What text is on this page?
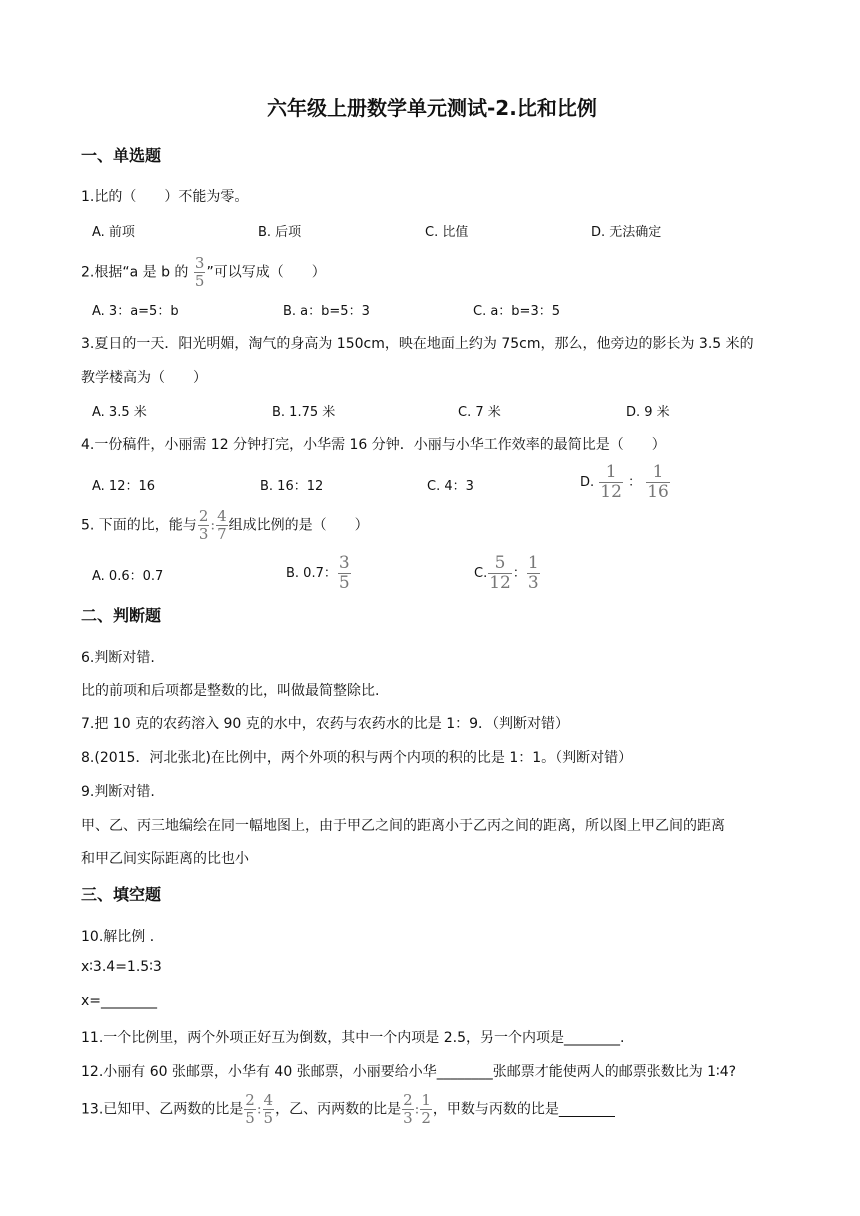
六年级上册数学单元测试-2.比和比例
一、单选题
1.比的（　　）不能为零。
A. 前项	B. 后项	C. 比值	D. 无法确定
2.根据“a 是 b 的 $\frac{3}{5}$ ”可以写成（　　）
A. 3：a=5：b	B. a：b=5：3	C. a：b=3：5
3.夏日的一天．阳光明媚，淘气的身高为 150cm，映在地面上约为 75cm，那么，他旁边的影长为 3.5 米的
教学楼高为（　　）
A. 3.5 米	B. 1.75 米	C. 7 米	D. 9 米
4.一份稿件，小丽需 12 分钟打完，小华需 16 分钟．小丽与小华工作效率的最简比是（　　）
A. 12：16	B. 16：12	C. 4：3	D. $\frac{1}{12}$ ： $\frac{1}{16}$
5. 下面的比，能与 $\frac{2}{3}$ : $\frac{4}{7}$ 组成比例的是（　　）
A. 0.6：0.7	B. 0.7： $\frac{3}{5}$	C. $\frac{5}{12}$ ： $\frac{1}{3}$
二、判断题
6.判断对错.
比的前项和后项都是整数的比，叫做最简整除比.
7.把 10 克的农药溶入 90 克的水中，农药与农药水的比是 1：9．（判断对错）
8.(2015．河北张北)在比例中，两个外项的积与两个内项的积的比是 1：1。（判断对错）
9.判断对错.
甲、乙、丙三地编绘在同一幅地图上，由于甲乙之间的距离小于乙丙之间的距离，所以图上甲乙间的距离
和甲乙间实际距离的比也小
三、填空题
10.解比例 ．
x∶3.4=1.5∶3
x=________
11.一个比例里，两个外项正好互为倒数，其中一个内项是 2.5，另一个内项是________.
12.小丽有 60 张邮票，小华有 40 张邮票，小丽要给小华________张邮票才能使两人的邮票张数比为 1∶4?
13.已知甲、乙两数的比是 $\frac{2}{5}$ : $\frac{4}{5}$ ，乙、丙两数的比是 $\frac{2}{3}$ : $\frac{1}{2}$ ，甲数与丙数的比是________
